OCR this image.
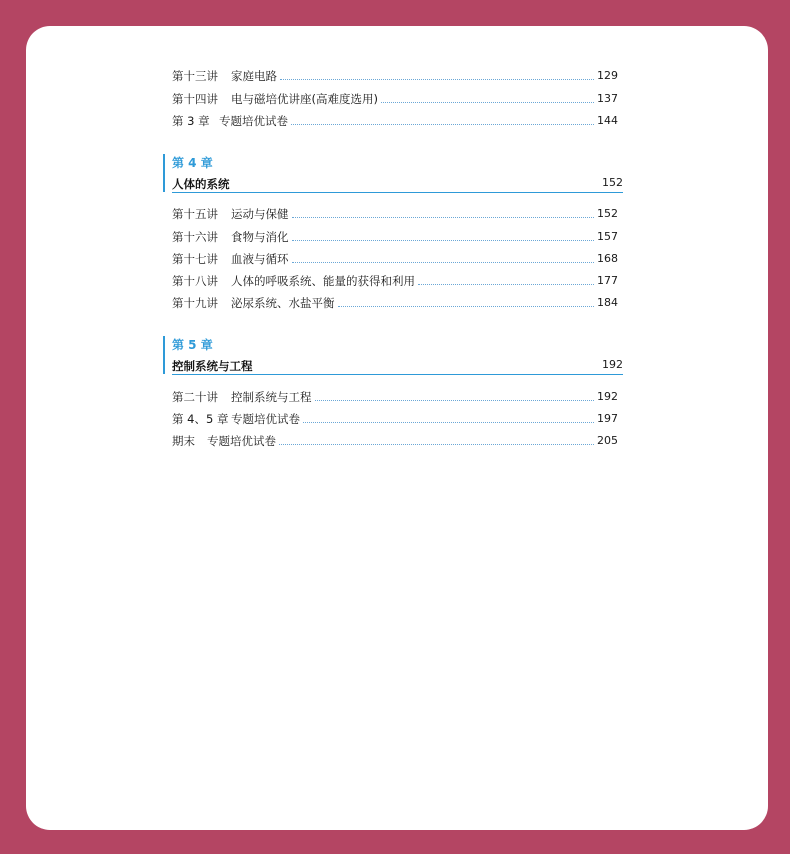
第十三讲	家庭电路	129
第十四讲	电与磁培优讲座(高难度选用)	137
第 3 章 专题培优试卷	144
第 4 章
人体的系统	152
第十五讲	运动与保健	152
第十六讲	食物与消化	157
第十七讲	血液与循环	168
第十八讲	人体的呼吸系统、能量的获得和利用	177
第十九讲	泌尿系统、水盐平衡	184
第 5 章
控制系统与工程	192
第二十讲	控制系统与工程	192
第 4、5 章 专题培优试卷	197
期末	专题培优试卷	205
